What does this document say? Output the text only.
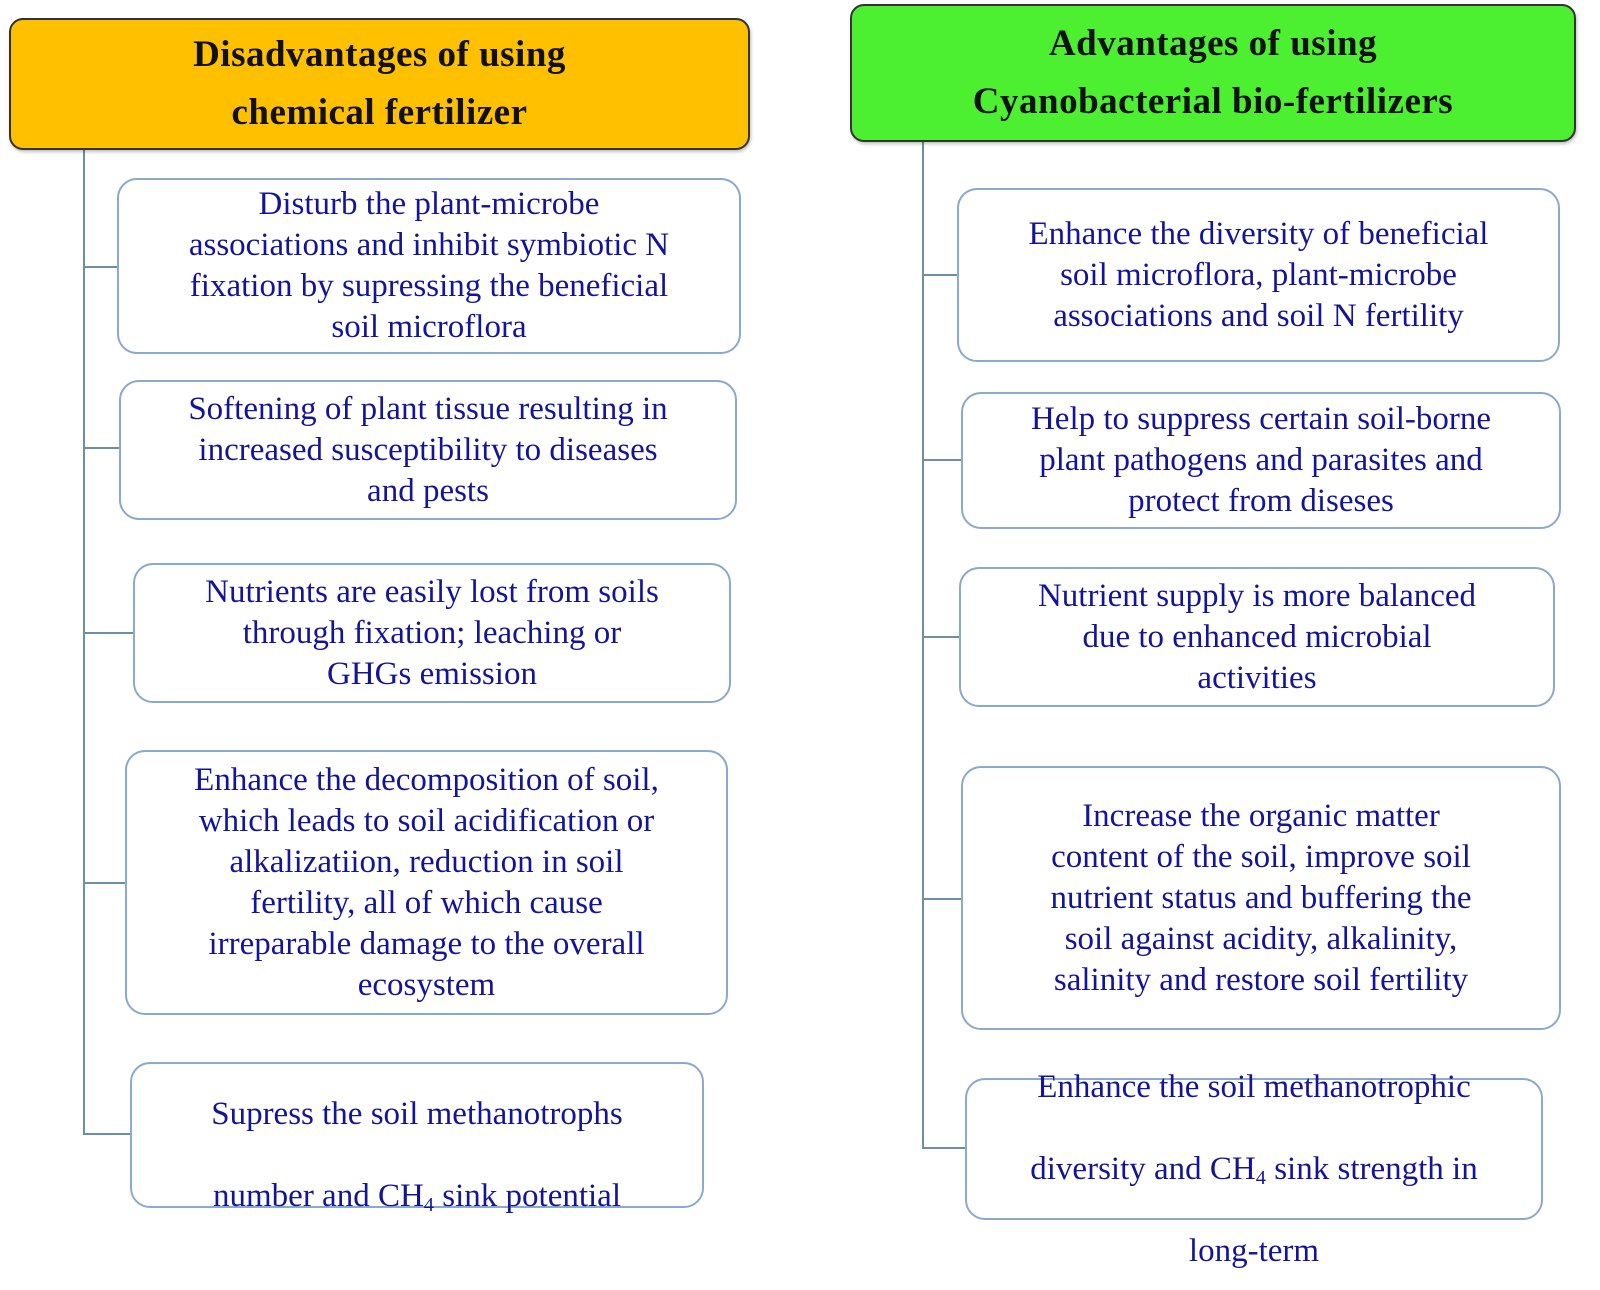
Disadvantages of using
chemical fertilizer
Advantages of using
Cyanobacterial bio-fertilizers
Disturb the plant-microbe
associations and inhibit symbiotic N
fixation by supressing the beneficial
soil microflora
Softening of plant tissue resulting in
increased susceptibility to diseases
and pests
Nutrients are easily lost from soils
through fixation; leaching or
GHGs emission
Enhance the decomposition of soil,
which leads to soil acidification or
alkalizatiion, reduction in soil
fertility, all of which cause
irreparable damage to the overall
ecosystem

Supress the soil methanotrophs

number and $CH_4$ sink potential

Enhance the diversity of beneficial
soil microflora, plant-microbe
associations and soil N fertility
Help to suppress certain soil-borne
plant pathogens and parasites and
protect from diseses
Nutrient supply is more balanced
due to enhanced microbial
activities
Increase the organic matter
content of the soil, improve soil
nutrient status and buffering the
soil against acidity, alkalinity,
salinity and restore soil fertility

Enhance the soil methanotrophic

diversity and $CH_4$ sink strength in

long-term
